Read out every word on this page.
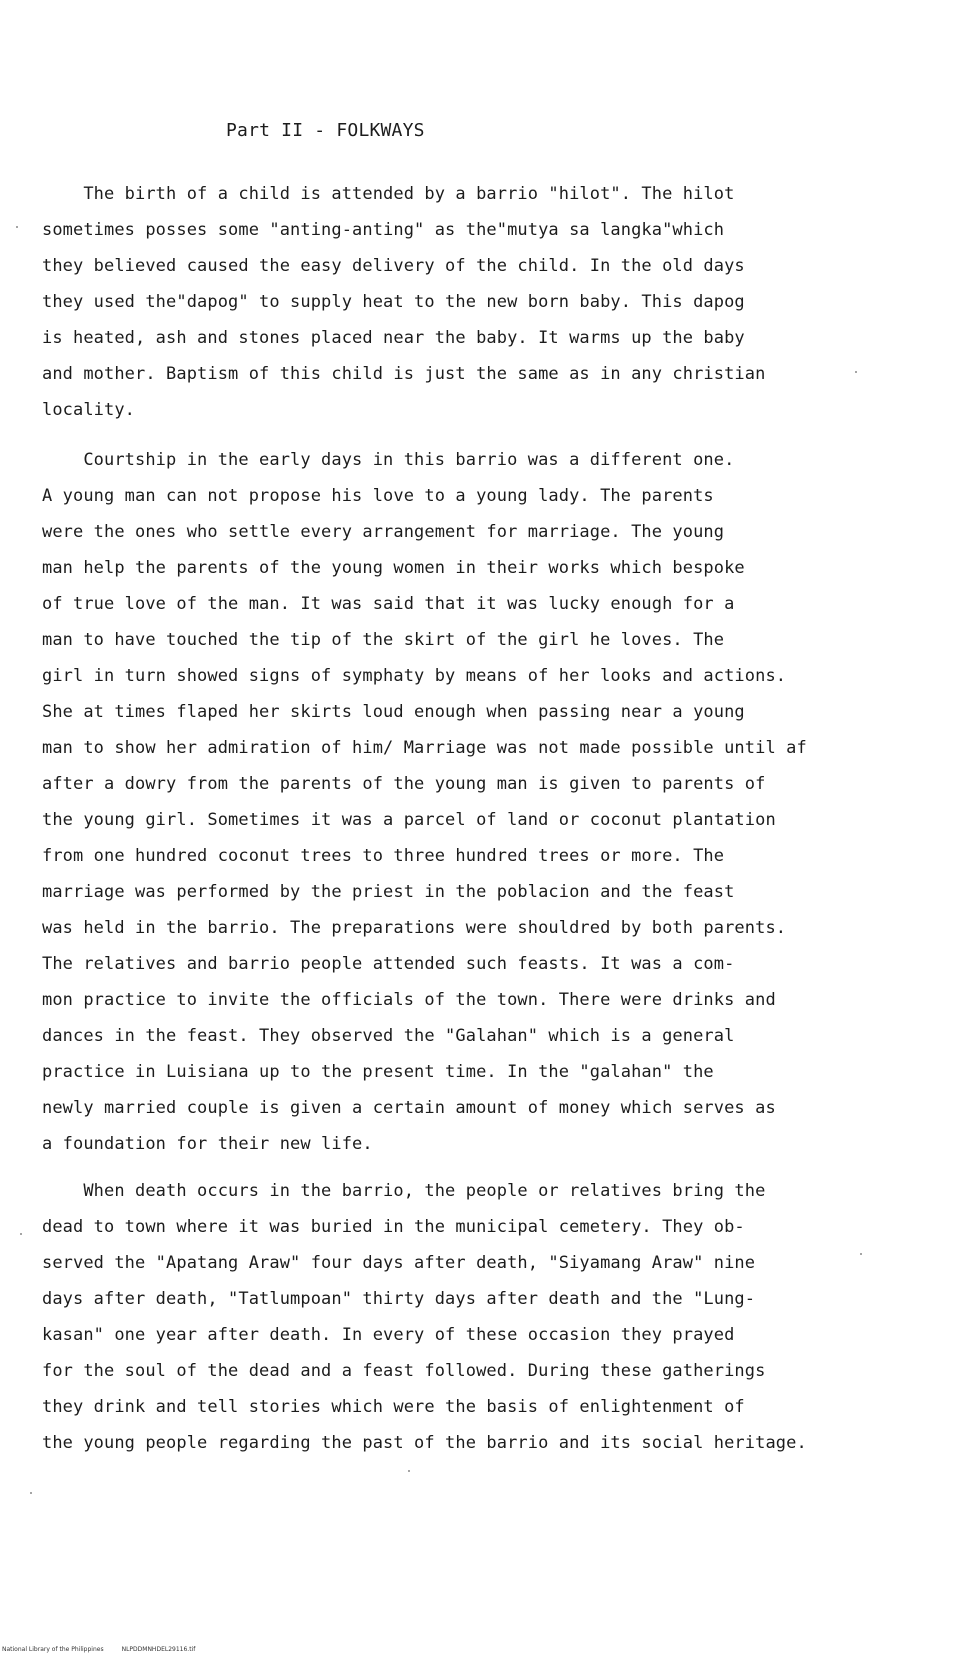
Part II - FOLKWAYS
The birth of a child is attended by a barrio "hilot". The hilot
sometimes posses some "anting-anting" as the"mutya sa langka"which
they believed caused the easy delivery of the child. In the old days
they used the"dapog" to supply heat to the new born baby. This dapog
is heated, ash and stones placed near the baby. It warms up the baby
and mother. Baptism of this child is just the same as in any christian
locality.
Courtship in the early days in this barrio was a different one.
A young man can not propose his love to a young lady. The parents
were the ones who settle every arrangement for marriage. The young
man help the parents of the young women in their works which bespoke
of true love of the man. It was said that it was lucky enough for a
man to have touched the tip of the skirt of the girl he loves. The
girl in turn showed signs of symphaty by means of her looks and actions.
She at times flaped her skirts loud enough when passing near a young
man to show her admiration of him/ Marriage was not made possible until af
after a dowry from the parents of the young man is given to parents of
the young girl. Sometimes it was a parcel of land or coconut plantation
from one hundred coconut trees to three hundred trees or more. The
marriage was performed by the priest in the poblacion and the feast
was held in the barrio. The preparations were shouldred by both parents.
The relatives and barrio people attended such feasts. It was a com-
mon practice to invite the officials of the town. There were drinks and
dances in the feast. They observed the "Galahan" which is a general
practice in Luisiana up to the present time. In the "galahan" the
newly married couple is given a certain amount of money which serves as
a foundation for their new life.
When death occurs in the barrio, the people or relatives bring the
dead to town where it was buried in the municipal cemetery. They ob-
served the "Apatang Araw" four days after death, "Siyamang Araw" nine
days after death, "Tatlumpoan" thirty days after death and the "Lung-
kasan" one year after death. In every of these occasion they prayed
for the soul of the dead and a feast followed. During these gatherings
they drink and tell stories which were the basis of enlightenment of
the young people regarding the past of the barrio and its social heritage.
National Library of the Philippines	NLPDDMNHDEL29116.tif
